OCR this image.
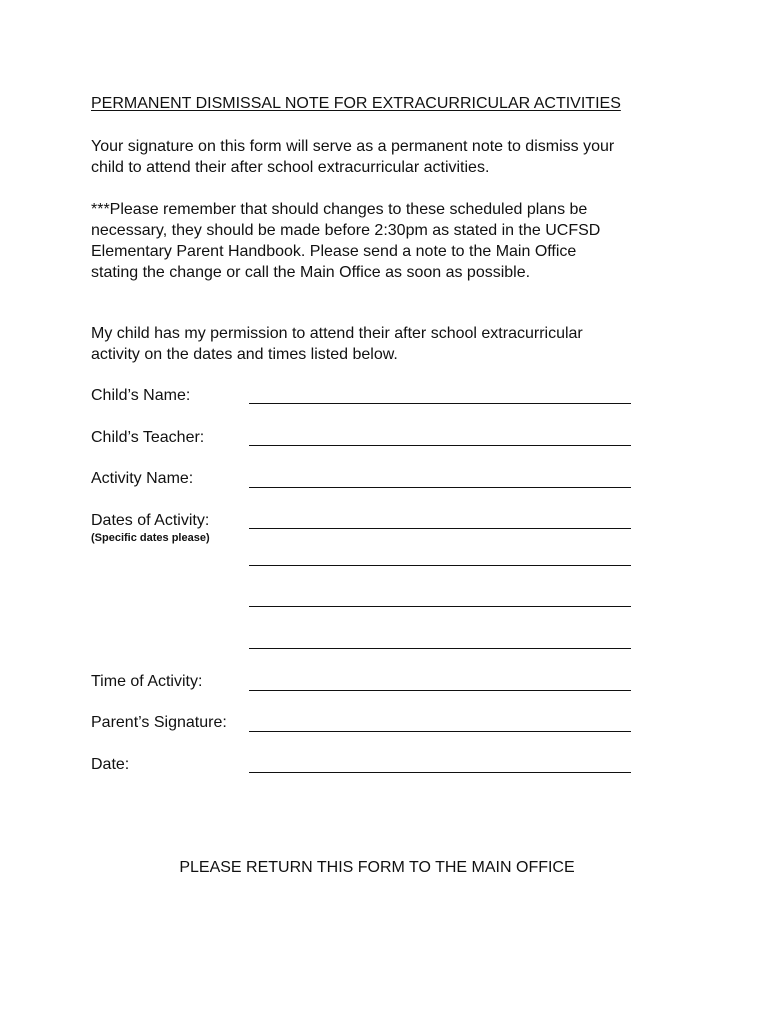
PERMANENT DISMISSAL NOTE FOR EXTRACURRICULAR ACTIVITIES

Your signature on this form will serve as a permanent note to dismiss your
child to attend their after school extracurricular activities.

***Please remember that should changes to these scheduled plans be
necessary, they should be made before 2:30pm as stated in the UCFSD
Elementary Parent Handbook. Please send a note to the Main Office
stating the change or call the Main Office as soon as possible.

My child has my permission to attend their after school extracurricular
activity on the dates and times listed below.

Child’s Name:
Child’s Teacher:
Activity Name:
Dates of Activity:
(Specific dates please)
Time of Activity:
Parent’s Signature:
Date:
PLEASE RETURN THIS FORM TO THE MAIN OFFICE
